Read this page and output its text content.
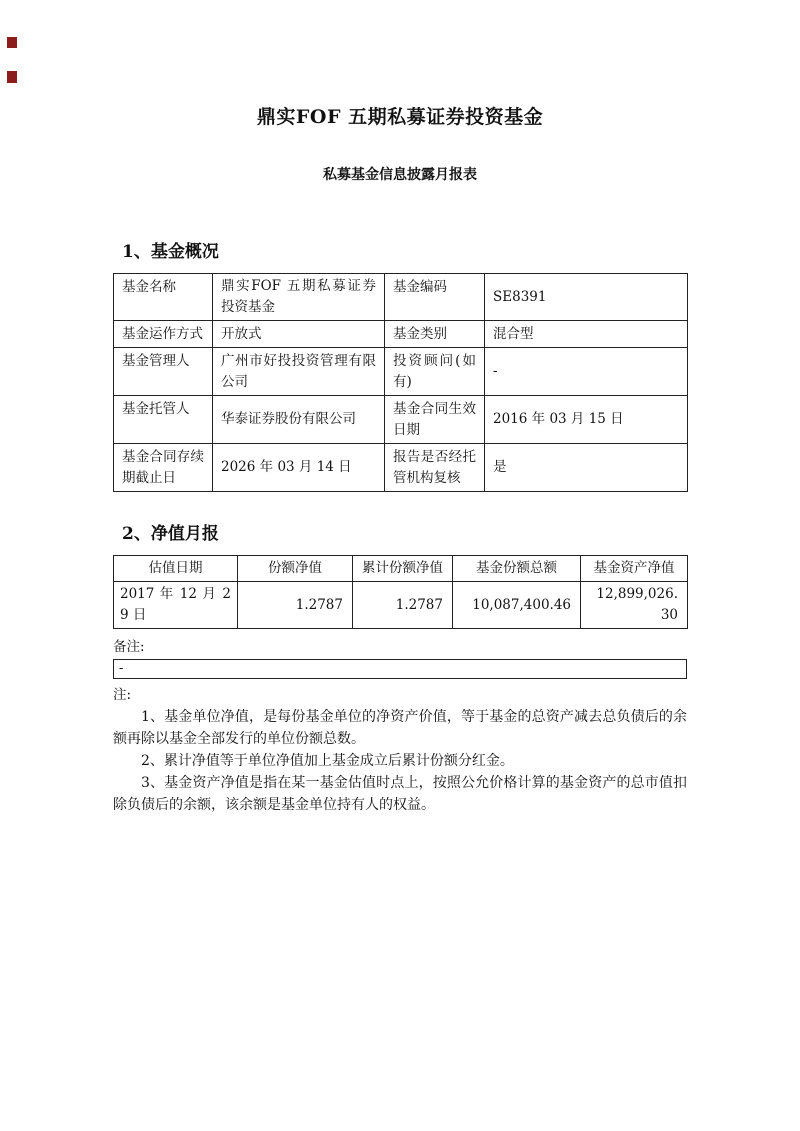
鼎实FOF 五期私募证券投资基金
私募基金信息披露月报表
1、基金概况
基金名称	鼎实FOF 五期私募证券投资基金	基金编码	SE8391
基金运作方式	开放式	基金类别	混合型
基金管理人	广州市好投投资管理有限公司	投资顾问(如有)	-
基金托管人	华泰证券股份有限公司	基金合同生效日期	2016 年 03 月 15 日
基金合同存续期截止日	2026 年 03 月 14 日	报告是否经托管机构复核	是
2、净值月报
估值日期	份额净值	累计份额净值	基金份额总额	基金资产净值
2017 年 12 月 29 日	1.2787	1.2787	10,087,400.46	12,899,026.30
备注:
-
注:

1、基金单位净值，是每份基金单位的净资产价值，等于基金的总资产减去总负债后的余额再除以基金全部发行的单位份额总数。

2、累计净值等于单位净值加上基金成立后累计份额分红金。

3、基金资产净值是指在某一基金估值时点上，按照公允价格计算的基金资产的总市值扣除负债后的余额，该余额是基金单位持有人的权益。
